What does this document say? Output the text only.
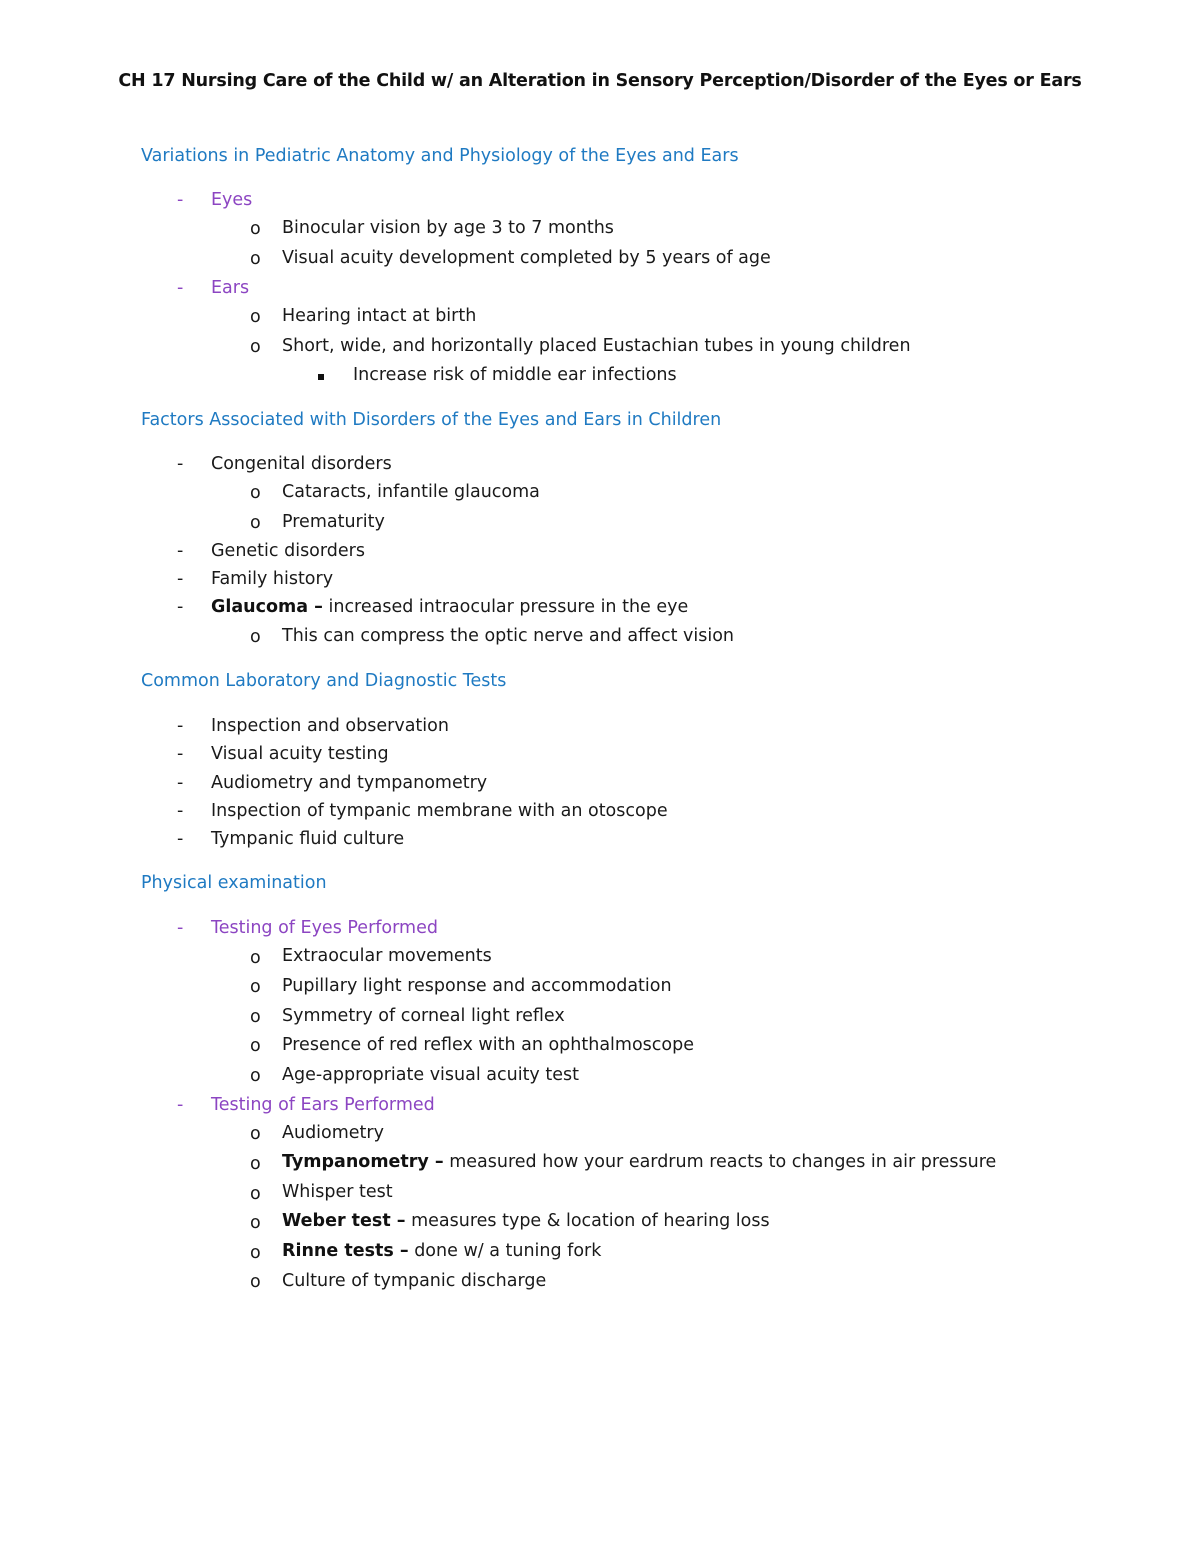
CH 17 Nursing Care of the Child w/ an Alteration in Sensory Perception/Disorder of the Eyes or Ears
Variations in Pediatric Anatomy and Physiology of the Eyes and Ears
- Eyes
o Binocular vision by age 3 to 7 months
o Visual acuity development completed by 5 years of age
- Ears
o Hearing intact at birth
o Short, wide, and horizontally placed Eustachian tubes in young children
Increase risk of middle ear infections
Factors Associated with Disorders of the Eyes and Ears in Children
- Congenital disorders
o Cataracts, infantile glaucoma
o Prematurity
- Genetic disorders
- Family history
- Glaucoma – increased intraocular pressure in the eye
o This can compress the optic nerve and affect vision
Common Laboratory and Diagnostic Tests
- Inspection and observation
- Visual acuity testing
- Audiometry and tympanometry
- Inspection of tympanic membrane with an otoscope
- Tympanic fluid culture
Physical examination
- Testing of Eyes Performed
o Extraocular movements
o Pupillary light response and accommodation
o Symmetry of corneal light reflex
o Presence of red reflex with an ophthalmoscope
o Age-appropriate visual acuity test
- Testing of Ears Performed
o Audiometry
o Tympanometry – measured how your eardrum reacts to changes in air pressure
o Whisper test
o Weber test – measures type & location of hearing loss
o Rinne tests – done w/ a tuning fork
o Culture of tympanic discharge
